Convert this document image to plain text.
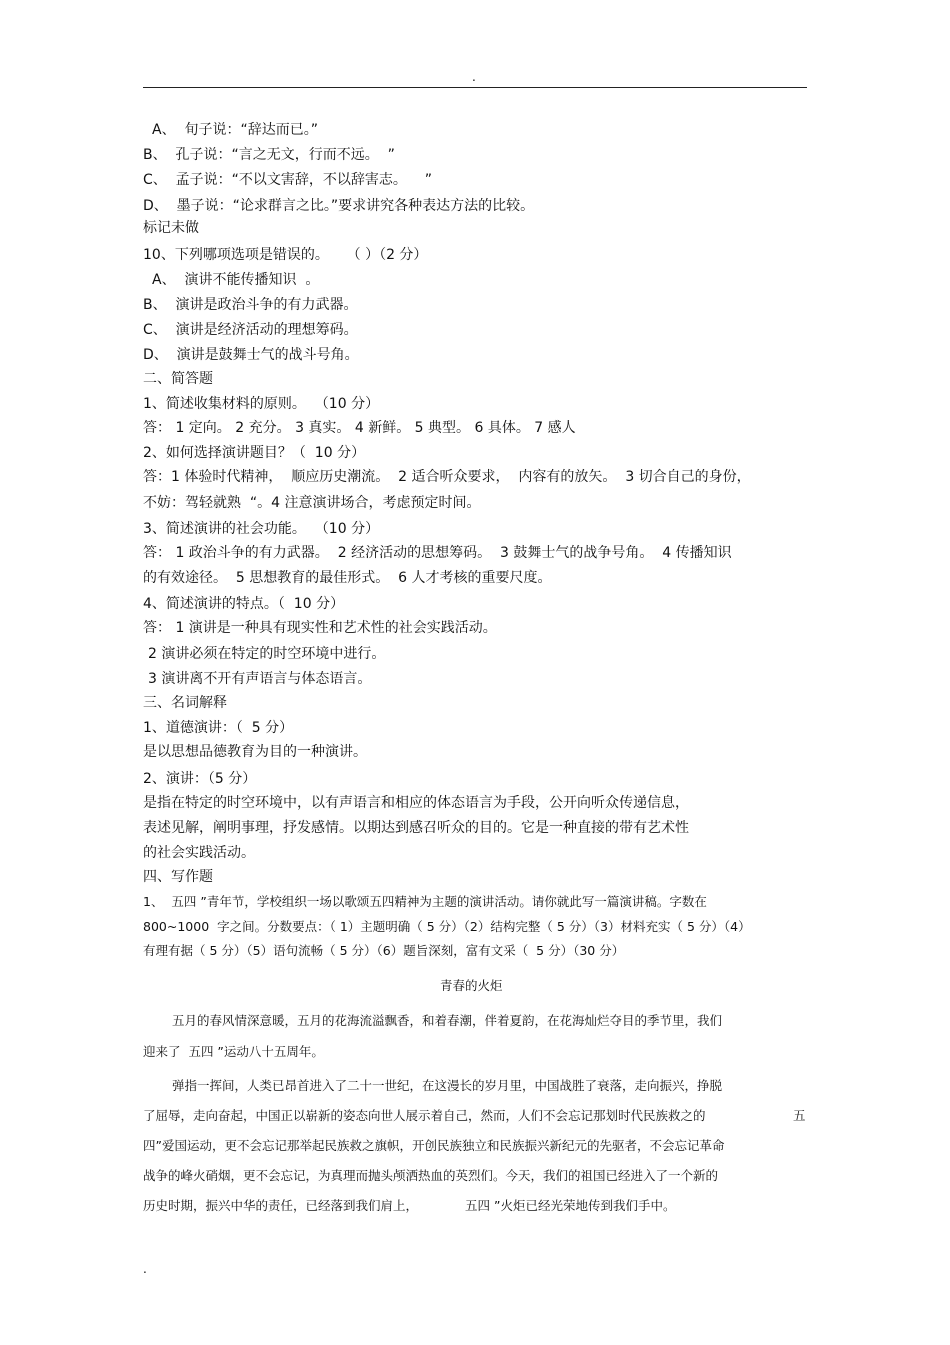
.
A、  旬子说：“辞达而已。”
B、  孔子说：“言之无文，行而不远。  ”
C、  孟子说：“不以文害辞，不以辞害志。    ”
D、  墨子说：“论求群言之比。”要求讲究各种表达方法的比较。
标记未做
10、下列哪项选项是错误的。    （ ）（2 分）
A、  演讲不能传播知识  。
B、  演讲是政治斗争的有力武器。
C、  演讲是经济活动的理想筹码。
D、  演讲是鼓舞士气的战斗号角。
二、简答题
1、简述收集材料的原则。  （10 分）
答： 1 定向。 2 充分。 3 真实。 4 新鲜。 5 典型。 6 具体。 7 感人
2、如何选择演讲题目？（  10 分）
答：1 体验时代精神，  顺应历史潮流。  2 适合听众要求，  内容有的放矢。  3 切合自己的身份，
不妨：驾轻就熟  “。4 注意演讲场合，考虑预定时间。
3、简述演讲的社会功能。  （10 分）
答： 1 政治斗争的有力武器。  2 经济活动的思想筹码。  3 鼓舞士气的战争号角。  4 传播知识
的有效途径。  5 思想教育的最佳形式。  6 人才考核的重要尺度。
4、简述演讲的特点。（  10 分）
答： 1 演讲是一种具有现实性和艺术性的社会实践活动。
2 演讲必须在特定的时空环境中进行。
3 演讲离不开有声语言与体态语言。
三、名词解释
1、道德演讲：（  5 分）
是以思想品德教育为目的一种演讲。
2、演讲：（5 分）
是指在特定的时空环境中，以有声语言和相应的体态语言为手段，公开向听众传递信息，
表述见解，阐明事理，抒发感情。以期达到感召听众的目的。它是一种直接的带有艺术性
的社会实践活动。
四、写作题
1、  五四 ”青年节，学校组织一场以歌颂五四精神为主题的演讲活动。请你就此写一篇演讲稿。字数在
800~1000  字之间。分数要点：（ 1）主题明确（ 5 分）（2）结构完整（ 5 分）（3）材料充实（ 5 分）（4）
有理有据（ 5 分）（5）语句流畅（ 5 分）（6）题旨深刻，富有文采（  5 分）（30 分）
青春的火炬
五月的春风情深意暖，五月的花海流溢飘香，和着春潮，伴着夏韵，在花海灿烂夺目的季节里，我们
迎来了  五四 ”运动八十五周年。
弹指一挥间，人类已昂首进入了二十一世纪，在这漫长的岁月里，中国战胜了衰落，走向振兴，挣脱
了屈辱，走向奋起，中国正以崭新的姿态向世人展示着自己，然而，人们不会忘记那划时代民族救之的	五
四”爱国运动，更不会忘记那举起民族救之旗帜，开创民族独立和民族振兴新纪元的先驱者，不会忘记革命
战争的峰火硝烟，更不会忘记，为真理而抛头颅洒热血的英烈们。今天，我们的祖国已经进入了一个新的
历史时期，振兴中华的责任，已经落到我们肩上，	五四 ”火炬已经光荣地传到我们手中。
.
